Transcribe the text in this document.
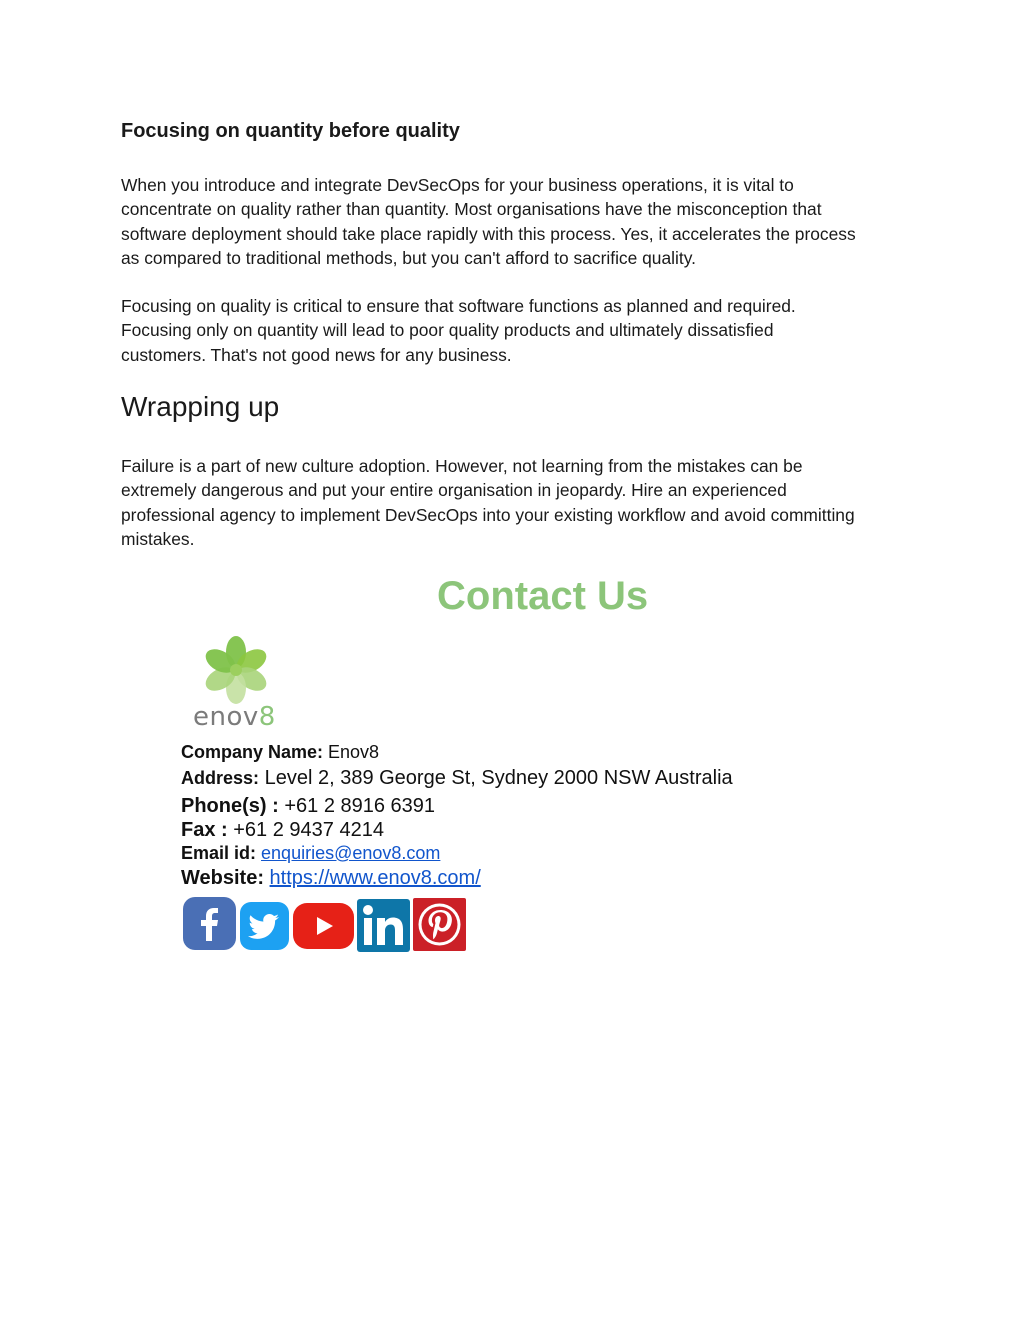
Focusing on quantity before quality

When you introduce and integrate DevSecOps for your business operations, it is vital to
concentrate on quality rather than quantity. Most organisations have the misconception that
software deployment should take place rapidly with this process. Yes, it accelerates the process
as compared to traditional methods, but you can't afford to sacrifice quality.

Focusing on quality is critical to ensure that software functions as planned and required.
Focusing only on quantity will lead to poor quality products and ultimately dissatisfied
customers. That's not good news for any business.

Wrapping up

Failure is a part of new culture adoption. However, not learning from the mistakes can be
extremely dangerous and put your entire organisation in jeopardy. Hire an experienced
professional agency to implement DevSecOps into your existing workflow and avoid committing
mistakes.

Contact Us
enov8
Company Name: Enov8
Address: Level 2, 389 George St, Sydney 2000 NSW Australia
Phone(s) : +61 2 8916 6391
Fax : +61 2 9437 4214
Email id: enquiries@enov8.com
Website: https://www.enov8.com/
